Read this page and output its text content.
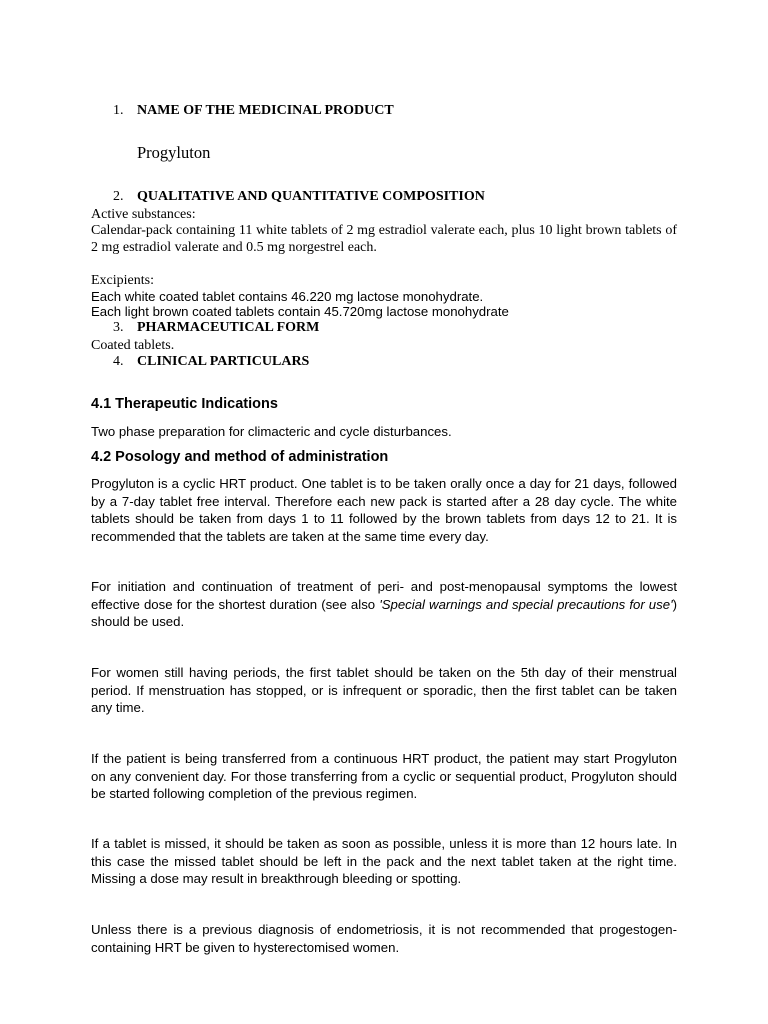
1. NAME OF THE MEDICINAL PRODUCT
Progyluton
2. QUALITATIVE AND QUANTITATIVE COMPOSITION
Active substances:
Calendar-pack containing 11 white tablets of 2 mg estradiol valerate each, plus 10 light brown tablets of 2 mg estradiol valerate and 0.5 mg norgestrel each.
Excipients:
Each white coated tablet contains 46.220 mg lactose monohydrate.
Each light brown coated tablets contain 45.720mg lactose monohydrate
3. PHARMACEUTICAL FORM
Coated tablets.
4. CLINICAL PARTICULARS
4.1 Therapeutic Indications
Two phase preparation for climacteric and cycle disturbances.
4.2 Posology and method of administration
Progyluton is a cyclic HRT product. One tablet is to be taken orally once a day for 21 days, followed by a 7-day tablet free interval. Therefore each new pack is started after a 28 day cycle. The white tablets should be taken from days 1 to 11 followed by the brown tablets from days 12 to 21. It is recommended that the tablets are taken at the same time every day.
For initiation and continuation of treatment of peri- and post-menopausal symptoms the lowest effective dose for the shortest duration (see also 'Special warnings and special precautions for use') should be used.
For women still having periods, the first tablet should be taken on the 5th day of their menstrual period. If menstruation has stopped, or is infrequent or sporadic, then the first tablet can be taken any time.
If the patient is being transferred from a continuous HRT product, the patient may start Progyluton on any convenient day. For those transferring from a cyclic or sequential product, Progyluton should be started following completion of the previous regimen.
If a tablet is missed, it should be taken as soon as possible, unless it is more than 12 hours late. In this case the missed tablet should be left in the pack and the next tablet taken at the right time. Missing a dose may result in breakthrough bleeding or spotting.
Unless there is a previous diagnosis of endometriosis, it is not recommended that progestogen-containing HRT be given to hysterectomised women.
